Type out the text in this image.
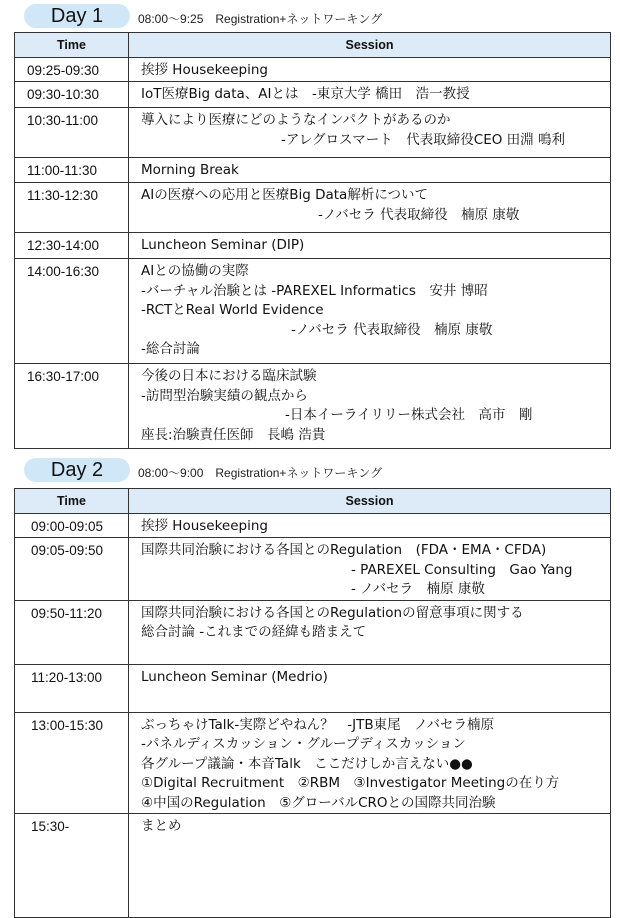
Day 1	08:00～9:25　Registration+ネットワーキング
Time	Session
09:25-09:30	挨拶 Housekeeping

09:30-10:30	IoT医療Big data、AIとは　-東京大学 橋田　浩一教授

10:30-11:00	導入により医療にどのようなインパクトがあるのか
-アレグロスマート　代表取締役CEO 田淵 鳴利

11:00-11:30	Morning Break

11:30-12:30	AIの医療への応用と医療Big Data解析について
-ノバセラ 代表取締役　楠原 康敬

12:30-14:00	Luncheon Seminar (DIP)

14:00-16:30	AIとの協働の実際
-バーチャル治験とは -PAREXEL Informatics　安井 博昭
-RCTとReal World Evidence
-ノバセラ 代表取締役　楠原 康敬
-総合討論

16:30-17:00	今後の日本における臨床試験
-訪問型治験実績の観点から
-日本イーライリリー株式会社　高市　剛
座長:治験責任医師　長嶋 浩貴
Day 2	08:00～9:00　Registration+ネットワーキング
Time	Session
09:00-09:05	挨拶 Housekeeping

09:05-09:50	国際共同治験における各国とのRegulation　(FDA・EMA・CFDA)
- PAREXEL Consulting　Gao Yang
- ノバセラ　楠原 康敬

09:50-11:20	国際共同治験における各国とのRegulationの留意事項に関する
総合討論 -これまでの経緯も踏まえて

11:20-13:00	Luncheon Seminar (Medrio)

13:00-15:30	ぶっちゃけTalk-実際どやねん？　-JTB東尾　ノバセラ楠原
-パネルディスカッション・グループディスカッション
各グループ議論・本音Talk　ここだけしか言えない●●
①Digital Recruitment　②RBM　③Investigator Meetingの在り方
④中国のRegulation　⑤グローバルCROとの国際共同治験

15:30-	まとめ
